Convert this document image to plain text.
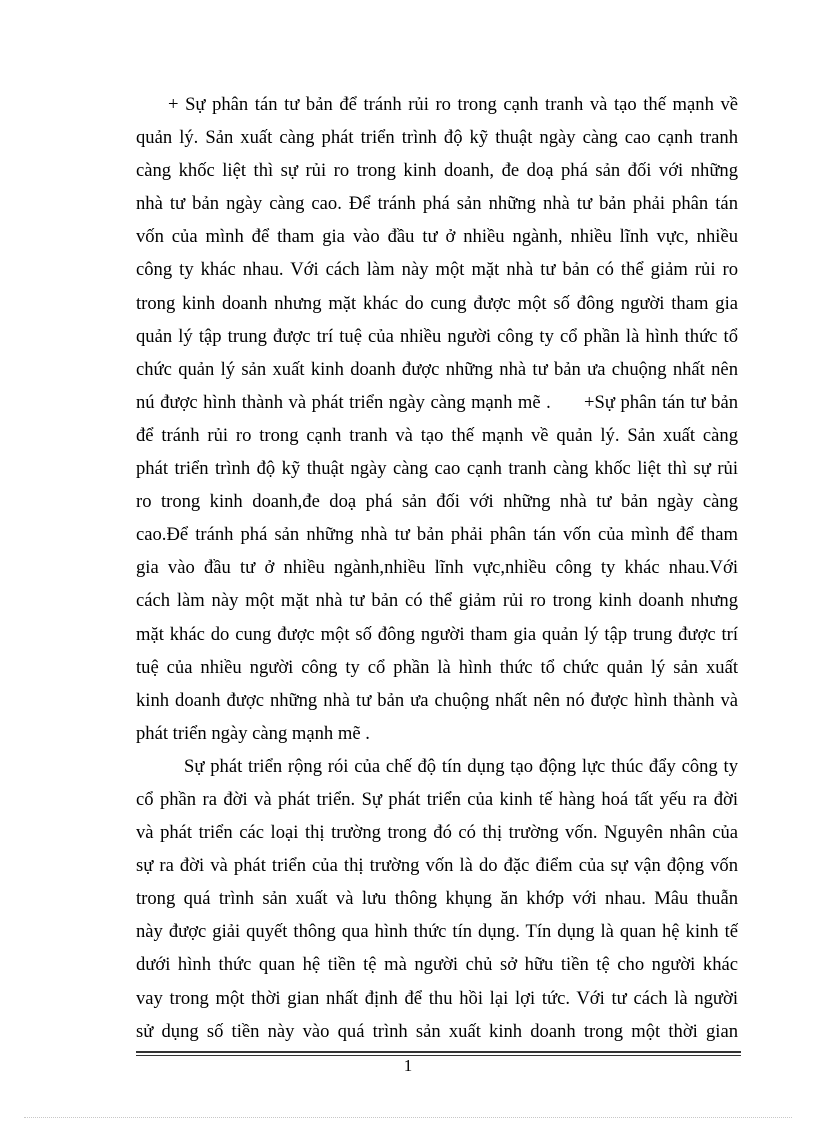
+ Sự phân tán tư bản để tránh rủi ro trong cạnh tranh và tạo thế mạnh về
quản lý. Sản xuất càng phát triển trình độ kỹ thuật ngày càng cao cạnh tranh
càng khốc liệt thì sự rủi ro trong kinh doanh, đe doạ phá sản đối với những
nhà tư bản ngày càng cao. Để tránh phá sản những nhà tư bản phải phân tán
vốn của mình để tham gia vào đầu tư ở nhiều ngành, nhiều lĩnh vực, nhiều
công ty khác nhau. Với cách làm này một mặt nhà tư bản có thể giảm rủi ro
trong kinh doanh nhưng mặt khác do cung được một số đông người tham gia
quản lý tập trung được trí tuệ của nhiều người công ty cổ phần là hình thức tổ
chức quản lý sản xuất kinh doanh được những nhà tư bản ưa chuộng nhất nên
nú được hình thành và phát triển ngày càng mạnh mẽ .      +Sự phân tán tư bản
để tránh rủi ro trong cạnh tranh và tạo thế mạnh về quản lý. Sản xuất càng
phát triển trình độ kỹ thuật ngày càng cao cạnh tranh càng khốc liệt thì sự rủi
ro trong kinh doanh,đe doạ phá sản đối với những nhà tư bản ngày càng
cao.Để tránh phá sản những nhà tư bản phải phân tán vốn của mình để tham
gia vào đầu tư ở nhiều ngành,nhiều lĩnh vực,nhiều công ty khác nhau.Với
cách làm này một mặt nhà tư bản có thể giảm rủi ro trong kinh doanh nhưng
mặt khác do cung được một số đông người tham gia quản lý tập trung được trí
tuệ của nhiều người công ty cổ phần là hình thức tổ chức quản lý sản xuất
kinh doanh được những nhà tư bản ưa chuộng nhất nên nó được hình thành và
phát triển ngày càng mạnh mẽ .
Sự phát triển rộng rói của chế độ tín dụng tạo động lực thúc đẩy công ty
cổ phần ra đời và phát triển. Sự phát triển của kinh tế hàng hoá tất yếu ra đời
và phát triển các loại thị trường trong đó có thị trường vốn. Nguyên nhân của
sự ra đời và phát triển của thị trường vốn là do đặc điểm của sự vận động vốn
trong quá trình sản xuất và lưu thông khụng ăn khớp với nhau. Mâu thuẫn
này được giải quyết thông qua hình thức tín dụng. Tín dụng là quan hệ kinh tế
dưới hình thức quan hệ tiền tệ mà người chủ sở hữu tiền tệ cho người khác
vay trong một thời gian nhất định để thu hồi lại lợi tức. Với tư cách là người
sử dụng số tiền này vào quá trình sản xuất kinh doanh trong một thời gian
1
